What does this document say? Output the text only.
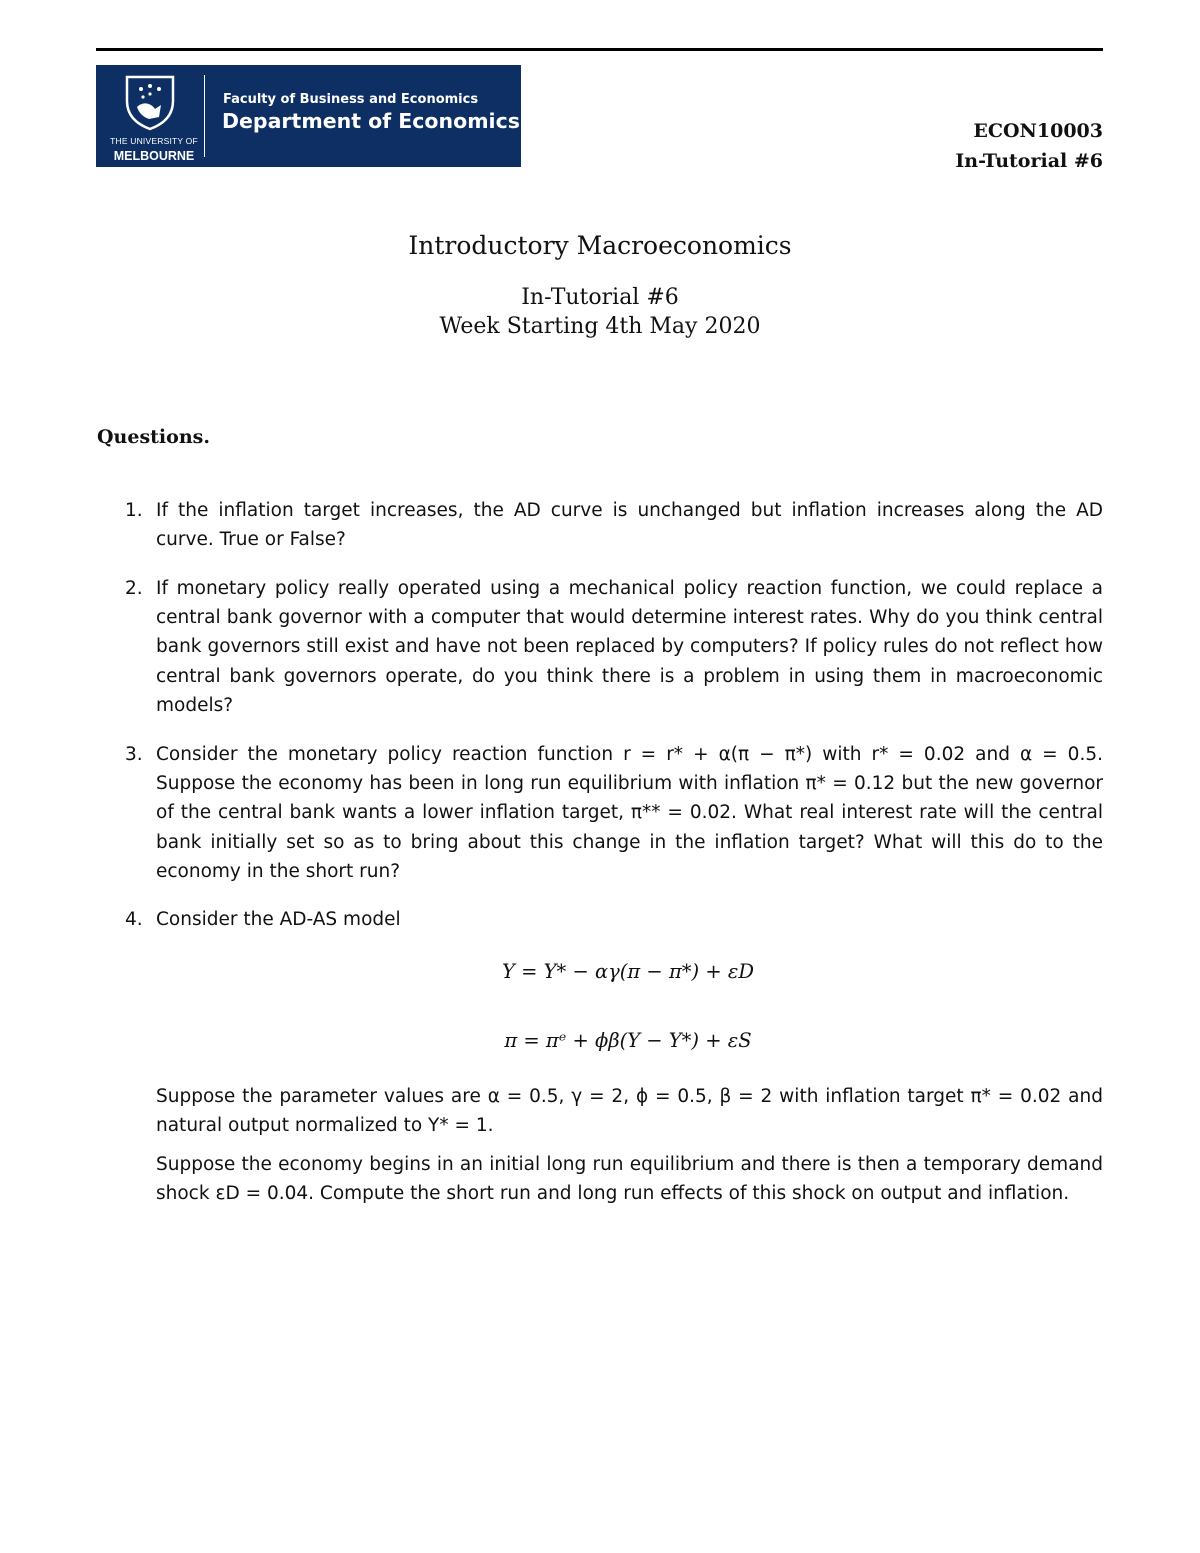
THE UNIVERSITY OF
MELBOURNE
Faculty of Business and Economics
Department of Economics	ECON10003
In-Tutorial #6
Introductory Macroeconomics
In-Tutorial #6
Week Starting 4th May 2020
Questions.
1. If the inflation target increases, the AD curve is unchanged but inflation increases along the AD curve. True or False?
2. If monetary policy really operated using a mechanical policy reaction function, we could replace a central bank governor with a computer that would determine interest rates. Why do you think central bank governors still exist and have not been replaced by computers? If policy rules do not reflect how central bank governors operate, do you think there is a problem in using them in macroeconomic models?
3. Consider the monetary policy reaction function r = r* + α(π − π*) with r* = 0.02 and α = 0.5. Suppose the economy has been in long run equilibrium with inflation π* = 0.12 but the new governor of the central bank wants a lower inflation target, π** = 0.02. What real interest rate will the central bank initially set so as to bring about this change in the inflation target? What will this do to the economy in the short run?
4. Consider the AD-AS model
Y = Y* − αγ(π − π*) + εD
π = πᵉ + ϕβ(Y − Y*) + εS
Suppose the parameter values are α = 0.5, γ = 2, ϕ = 0.5, β = 2 with inflation target π* = 0.02 and natural output normalized to Y* = 1.
Suppose the economy begins in an initial long run equilibrium and there is then a temporary demand shock εD = 0.04. Compute the short run and long run effects of this shock on output and inflation.
